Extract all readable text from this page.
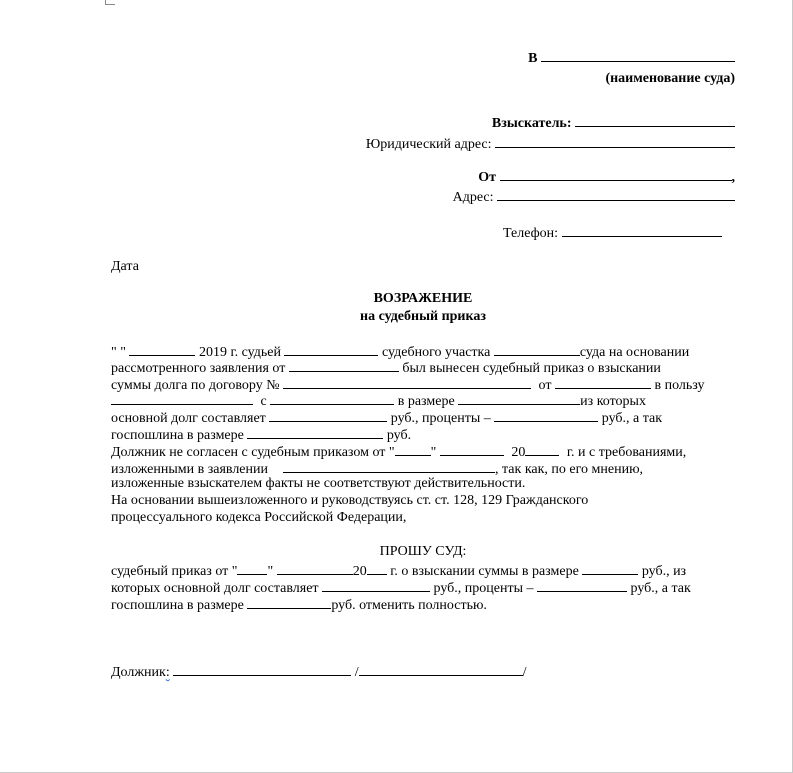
В
(наименование суда)
Взыскатель:
Юридический адрес:
От	,
Адрес:
Телефон:
Дата
ВОЗРАЖЕНИЕ
на судебный приказ
" "	2019 г. судьей	судебного участка	суда на основании
рассмотренного заявления от	был вынесен судебный приказ о взыскании
суммы долга по договору №	от	в пользу
с	в размере	из которых
основной долг составляет	руб., проценты –	руб., а так
госпошлина в размере	руб.
Должник не согласен с судебным приказом от "	"	20	г. и с требованиями,
изложенными в заявлении	, так как, по его мнению,
изложенные взыскателем факты не соответствуют действительности.
На основании вышеизложенного и руководствуясь ст. ст. 128, 129 Гражданского
процессуального кодекса Российской Федерации,
ПРОШУ СУД:
судебный приказ от " "	20 г. о взыскании суммы в размере	руб., из
которых основной долг составляет	руб., проценты –	руб., а так
госпошлина в размере	руб. отменить полностью.
Должник:	/	/
